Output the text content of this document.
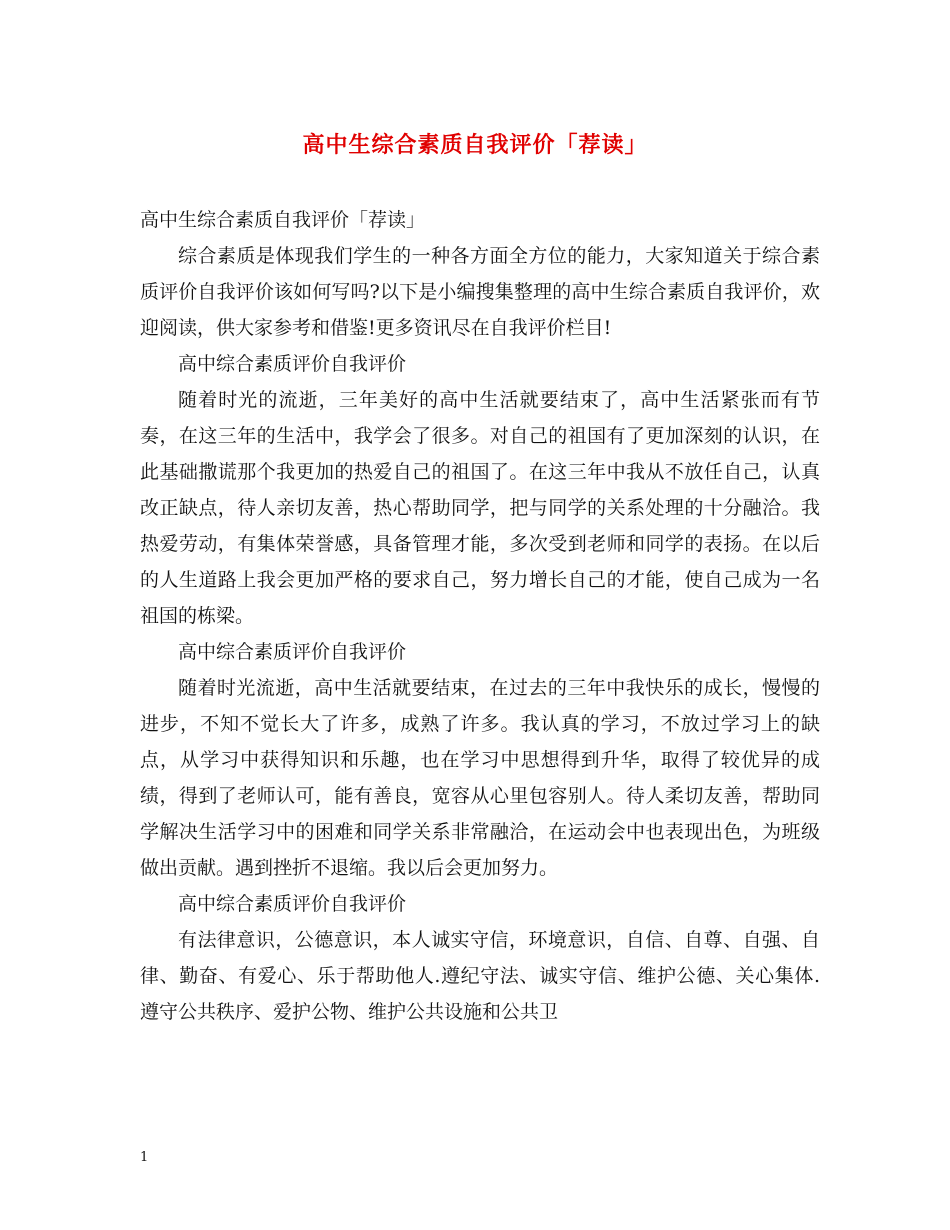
高中生综合素质自我评价「荐读」

高中生综合素质自我评价「荐读」

综合素质是体现我们学生的一种各方面全方位的能力，大家知道关于综合素质评价自我评价该如何写吗?以下是小编搜集整理的高中生综合素质自我评价，欢迎阅读，供大家参考和借鉴!更多资讯尽在自我评价栏目!

高中综合素质评价自我评价

随着时光的流逝，三年美好的高中生活就要结束了，高中生活紧张而有节奏，在这三年的生活中，我学会了很多。对自己的祖国有了更加深刻的认识，在此基础撒谎那个我更加的热爱自己的祖国了。在这三年中我从不放任自己，认真改正缺点，待人亲切友善，热心帮助同学，把与同学的关系处理的十分融洽。我热爱劳动，有集体荣誉感，具备管理才能，多次受到老师和同学的表扬。在以后的人生道路上我会更加严格的要求自己，努力增长自己的才能，使自己成为一名祖国的栋梁。

高中综合素质评价自我评价

随着时光流逝，高中生活就要结束，在过去的三年中我快乐的成长，慢慢的进步，不知不觉长大了许多，成熟了许多。我认真的学习，不放过学习上的缺点，从学习中获得知识和乐趣，也在学习中思想得到升华，取得了较优异的成绩，得到了老师认可，能有善良，宽容从心里包容别人。待人柔切友善，帮助同学解决生活学习中的困难和同学关系非常融洽，在运动会中也表现出色，为班级做出贡献。遇到挫折不退缩。我以后会更加努力。

高中综合素质评价自我评价

有法律意识，公德意识，本人诚实守信，环境意识，自信、自尊、自强、自律、勤奋、有爱心、乐于帮助他人.遵纪守法、诚实守信、维护公德、关心集体. 遵守公共秩序、爱护公物、维护公共设施和公共卫

1
